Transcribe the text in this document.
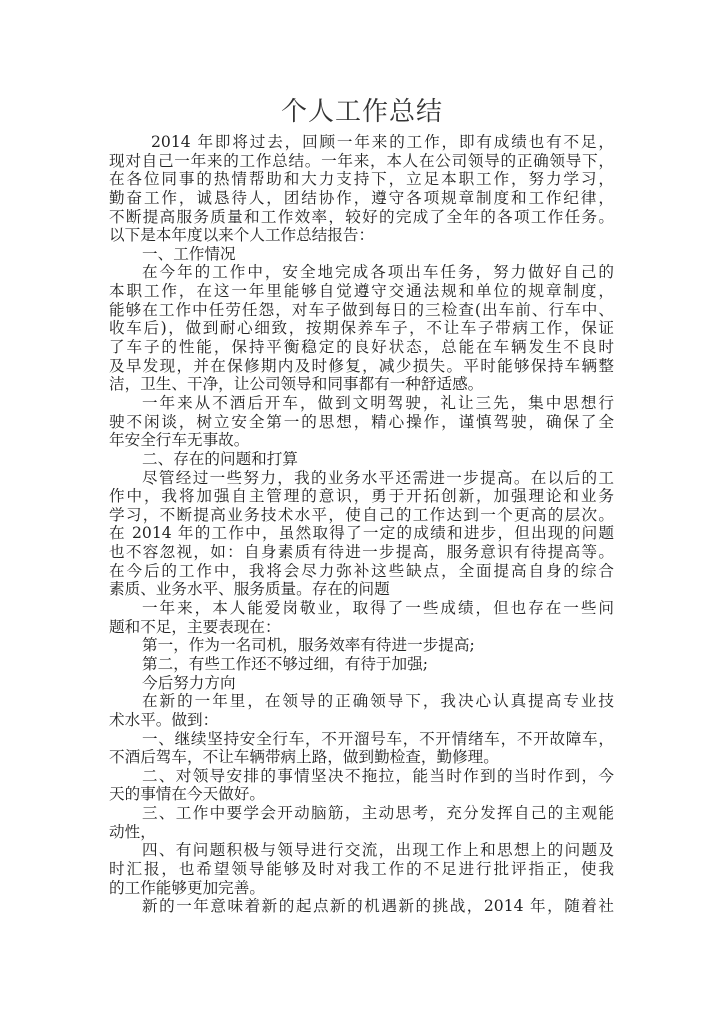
个人工作总结
2014 年即将过去，回顾一年来的工作，即有成绩也有不足，
现对自己一年来的工作总结。一年来，本人在公司领导的正确领导下，
在各位同事的热情帮助和大力支持下，立足本职工作，努力学习，
勤奋工作，诚恳待人，团结协作，遵守各项规章制度和工作纪律，
不断提高服务质量和工作效率，较好的完成了全年的各项工作任务。
以下是本年度以来个人工作总结报告：
一、工作情况
在今年的工作中，安全地完成各项出车任务，努力做好自己的
本职工作，在这一年里能够自觉遵守交通法规和单位的规章制度，
能够在工作中任劳任怨，对车子做到每日的三检查(出车前、行车中、
收车后)，做到耐心细致，按期保养车子，不让车子带病工作，保证
了车子的性能，保持平衡稳定的良好状态，总能在车辆发生不良时
及早发现，并在保修期内及时修复，减少损失。平时能够保持车辆整
洁，卫生、干净，让公司领导和同事都有一种舒适感。
一年来从不酒后开车，做到文明驾驶，礼让三先，集中思想行
驶不闲谈，树立安全第一的思想，精心操作，谨慎驾驶，确保了全
年安全行车无事故。
二、存在的问题和打算
尽管经过一些努力，我的业务水平还需进一步提高。在以后的工
作中，我将加强自主管理的意识，勇于开拓创新，加强理论和业务
学习，不断提高业务技术水平，使自己的工作达到一个更高的层次。
在 2014 年的工作中，虽然取得了一定的成绩和进步，但出现的问题
也不容忽视，如：自身素质有待进一步提高，服务意识有待提高等。
在今后的工作中，我将会尽力弥补这些缺点，全面提高自身的综合
素质、业务水平、服务质量。存在的问题
一年来，本人能爱岗敬业，取得了一些成绩，但也存在一些问
题和不足，主要表现在：
第一，作为一名司机，服务效率有待进一步提高;
第二，有些工作还不够过细，有待于加强;
今后努力方向
在新的一年里，在领导的正确领导下，我决心认真提高专业技
术水平。做到：
一、继续坚持安全行车，不开溜号车，不开情绪车，不开故障车，
不酒后驾车，不让车辆带病上路，做到勤检查，勤修理。
二、对领导安排的事情坚决不拖拉，能当时作到的当时作到，今
天的事情在今天做好。
三、工作中要学会开动脑筋，主动思考，充分发挥自己的主观能
动性，
四、有问题积极与领导进行交流，出现工作上和思想上的问题及
时汇报，也希望领导能够及时对我工作的不足进行批评指正，使我
的工作能够更加完善。
新的一年意味着新的起点新的机遇新的挑战，2014 年，随着社
